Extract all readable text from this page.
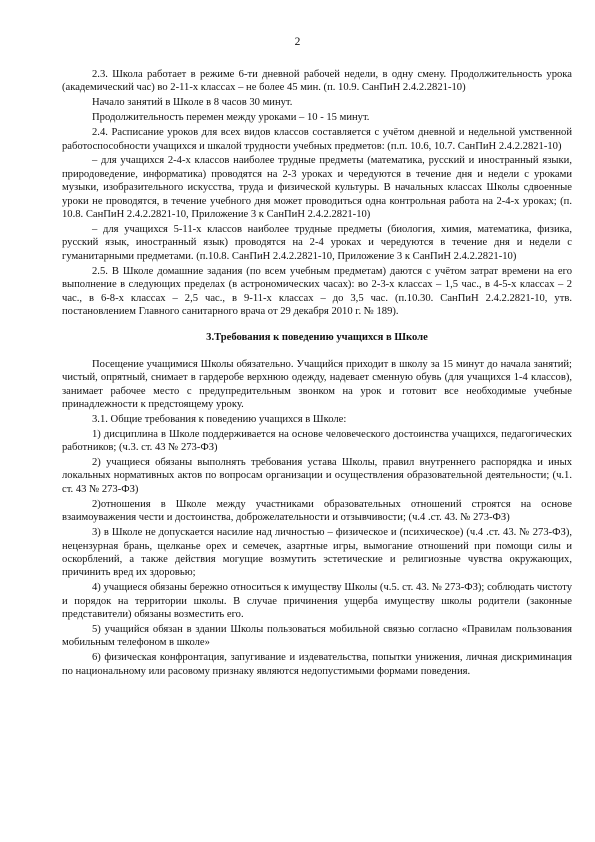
2

2.3. Школа работает в режиме 6-ти дневной рабочей недели, в одну смену. Продолжительность урока (академический час) во 2-11-х классах – не более 45 мин. (п. 10.9. СанПиН 2.4.2.2821-10)

Начало занятий в Школе в 8 часов 30 минут.

Продолжительность перемен между уроками – 10 - 15 минут.

2.4. Расписание уроков для всех видов классов составляется с учётом дневной и недельной умственной работоспособности учащихся и шкалой трудности учебных предметов: (п.п. 10.6, 10.7. СанПиН 2.4.2.2821-10)

– для учащихся 2-4-х классов наиболее трудные предметы (математика, русский и иностранный языки, природоведение, информатика) проводятся на 2-3 уроках и чередуются в течение дня и недели с уроками музыки, изобразительного искусства, труда и физической культуры. В начальных классах Школы сдвоенные уроки не проводятся, в течение учебного дня может проводиться одна контрольная работа на 2-4-х уроках; (п. 10.8. СанПиН 2.4.2.2821-10, Приложение 3 к СанПиН 2.4.2.2821-10)

– для учащихся 5-11-х классов наиболее трудные предметы (биология, химия, математика, физика, русский язык, иностранный язык) проводятся на 2-4 уроках и чередуются в течение дня и недели с гуманитарными предметами. (п.10.8. СанПиН 2.4.2.2821-10, Приложение 3 к СанПиН 2.4.2.2821-10)

2.5. В Школе домашние задания (по всем учебным предметам) даются с учётом затрат времени на его выполнение в следующих пределах (в астрономических часах): во 2-3-х классах – 1,5 час., в 4-5-х классах – 2 час., в 6-8-х классах – 2,5 час., в 9-11-х классах – до 3,5 час. (п.10.30. СанПиН 2.4.2.2821-10, утв. постановлением Главного санитарного врача от 29 декабря 2010 г. № 189).

3.Требования к поведению учащихся в Школе

Посещение учащимися Школы обязательно. Учащийся приходит в школу за 15 минут до начала занятий; чистый, опрятный, снимает в гардеробе верхнюю одежду, надевает сменную обувь (для учащихся 1-4 классов), занимает рабочее место с предупредительным звонком на урок и готовит все необходимые учебные принадлежности к предстоящему уроку.

3.1. Общие требования к поведению учащихся в Школе:

1) дисциплина в Школе поддерживается на основе человеческого достоинства учащихся, педагогических работников; (ч.3. ст. 43 № 273-ФЗ)

2) учащиеся обязаны выполнять требования устава Школы, правил внутреннего распорядка и иных локальных нормативных актов по вопросам организации и осуществления образовательной деятельности; (ч.1. ст. 43 № 273-ФЗ)

2)отношения в Школе между участниками образовательных отношений строятся на основе взаимоуважения чести и достоинства, доброжелательности и отзывчивости; (ч.4 .ст. 43. № 273-ФЗ)

3) в Школе не допускается насилие над личностью – физическое и (психическое) (ч.4 .ст. 43. № 273-ФЗ), нецензурная брань, щелканье орех и семечек, азартные игры, вымогание отношений при помощи силы и оскорблений, а также действия могущие возмутить эстетические и религиозные чувства окружающих, причинить вред их здоровью;

4) учащиеся обязаны бережно относиться к имуществу Школы (ч.5. ст. 43. № 273-ФЗ); соблюдать чистоту и порядок на территории школы. В случае причинения ущерба имуществу школы родители (законные представители) обязаны возместить его.

5) учащийся обязан в здании Школы пользоваться мобильной связью согласно «Правилам пользования мобильным телефоном в школе»

6) физическая конфронтация, запугивание и издевательства, попытки унижения, личная дискриминация по национальному или расовому признаку являются недопустимыми формами поведения.
